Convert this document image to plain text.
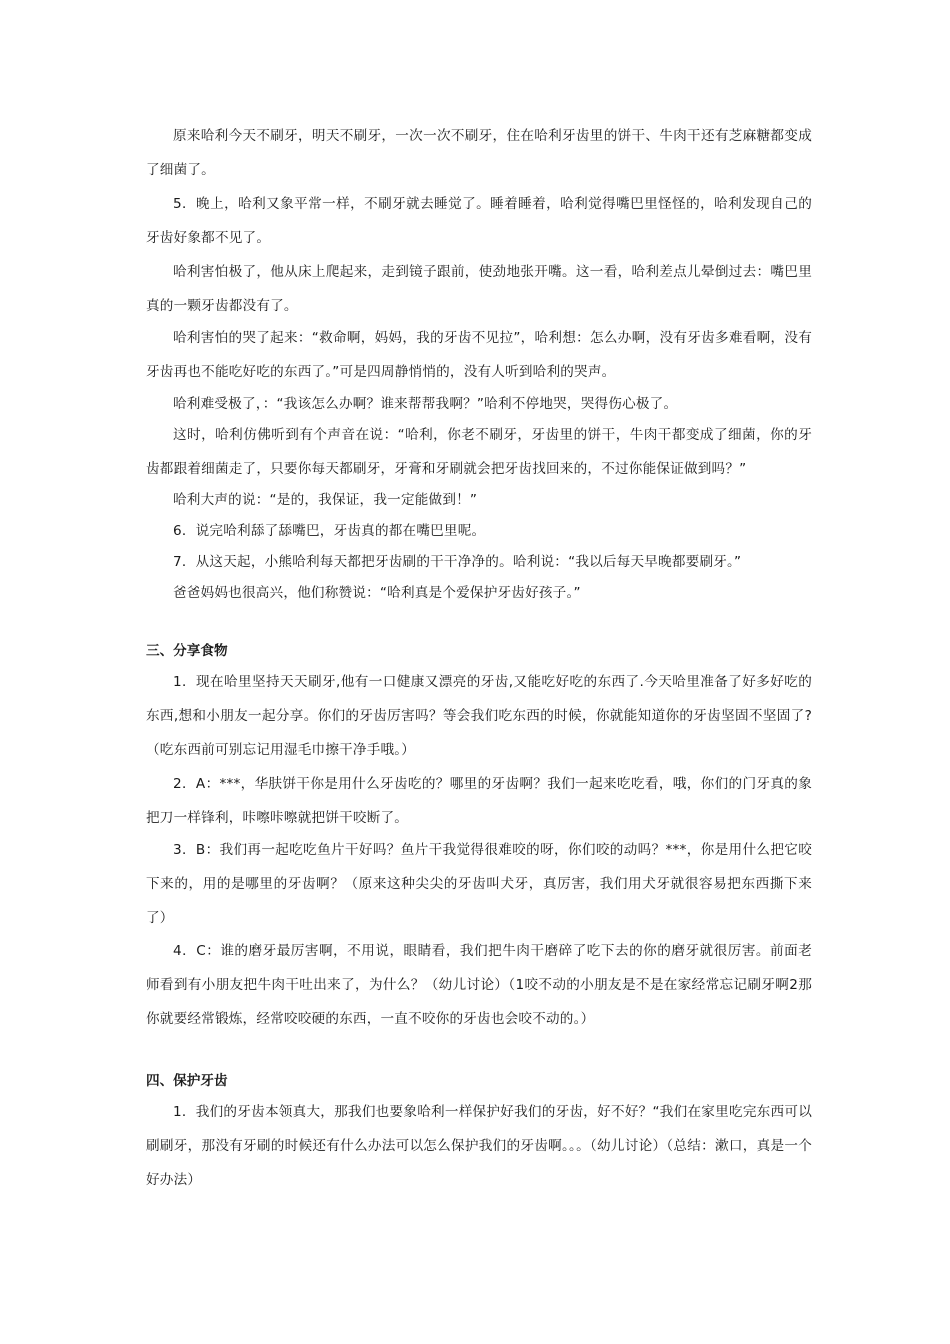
原来哈利今天不刷牙，明天不刷牙，一次一次不刷牙，住在哈利牙齿里的饼干、牛肉干还有芝麻糖都变成了细菌了。
5．晚上，哈利又象平常一样，不刷牙就去睡觉了。睡着睡着，哈利觉得嘴巴里怪怪的，哈利发现自己的牙齿好象都不见了。
哈利害怕极了，他从床上爬起来，走到镜子跟前，使劲地张开嘴。这一看，哈利差点儿晕倒过去：嘴巴里真的一颗牙齿都没有了。
哈利害怕的哭了起来：“救命啊，妈妈，我的牙齿不见拉”，哈利想：怎么办啊，没有牙齿多难看啊，没有牙齿再也不能吃好吃的东西了。”可是四周静悄悄的，没有人听到哈利的哭声。
哈利难受极了，：“我该怎么办啊？谁来帮帮我啊？”哈利不停地哭，哭得伤心极了。
这时，哈利仿佛听到有个声音在说：“哈利，你老不刷牙，牙齿里的饼干，牛肉干都变成了细菌，你的牙齿都跟着细菌走了，只要你每天都刷牙，牙膏和牙刷就会把牙齿找回来的，不过你能保证做到吗？”
哈利大声的说：“是的，我保证，我一定能做到！”
6．说完哈利舔了舔嘴巴，牙齿真的都在嘴巴里呢。
7．从这天起，小熊哈利每天都把牙齿刷的干干净净的。哈利说：“我以后每天早晚都要刷牙。”
爸爸妈妈也很高兴，他们称赞说：“哈利真是个爱保护牙齿好孩子。”
三、分享食物
1．现在哈里坚持天天刷牙,他有一口健康又漂亮的牙齿,又能吃好吃的东西了.今天哈里准备了好多好吃的东西,想和小朋友一起分享。你们的牙齿厉害吗？等会我们吃东西的时候，你就能知道你的牙齿坚固不坚固了?（吃东西前可别忘记用湿毛巾擦干净手哦。）
2．A：***，华肤饼干你是用什么牙齿吃的？哪里的牙齿啊？我们一起来吃吃看，哦，你们的门牙真的象把刀一样锋利，咔嚓咔嚓就把饼干咬断了。
3．B：我们再一起吃吃鱼片干好吗？鱼片干我觉得很难咬的呀，你们咬的动吗？***，你是用什么把它咬下来的，用的是哪里的牙齿啊？（原来这种尖尖的牙齿叫犬牙，真厉害，我们用犬牙就很容易把东西撕下来了）
4．C：谁的磨牙最厉害啊，不用说，眼睛看，我们把牛肉干磨碎了吃下去的你的磨牙就很厉害。前面老师看到有小朋友把牛肉干吐出来了，为什么？（幼儿讨论）（1咬不动的小朋友是不是在家经常忘记刷牙啊2那你就要经常锻炼，经常咬咬硬的东西，一直不咬你的牙齿也会咬不动的。）
四、保护牙齿
1．我们的牙齿本领真大，那我们也要象哈利一样保护好我们的牙齿，好不好？“我们在家里吃完东西可以刷刷牙，那没有牙刷的时候还有什么办法可以怎么保护我们的牙齿啊。。。（幼儿讨论）（总结：漱口，真是一个好办法）
